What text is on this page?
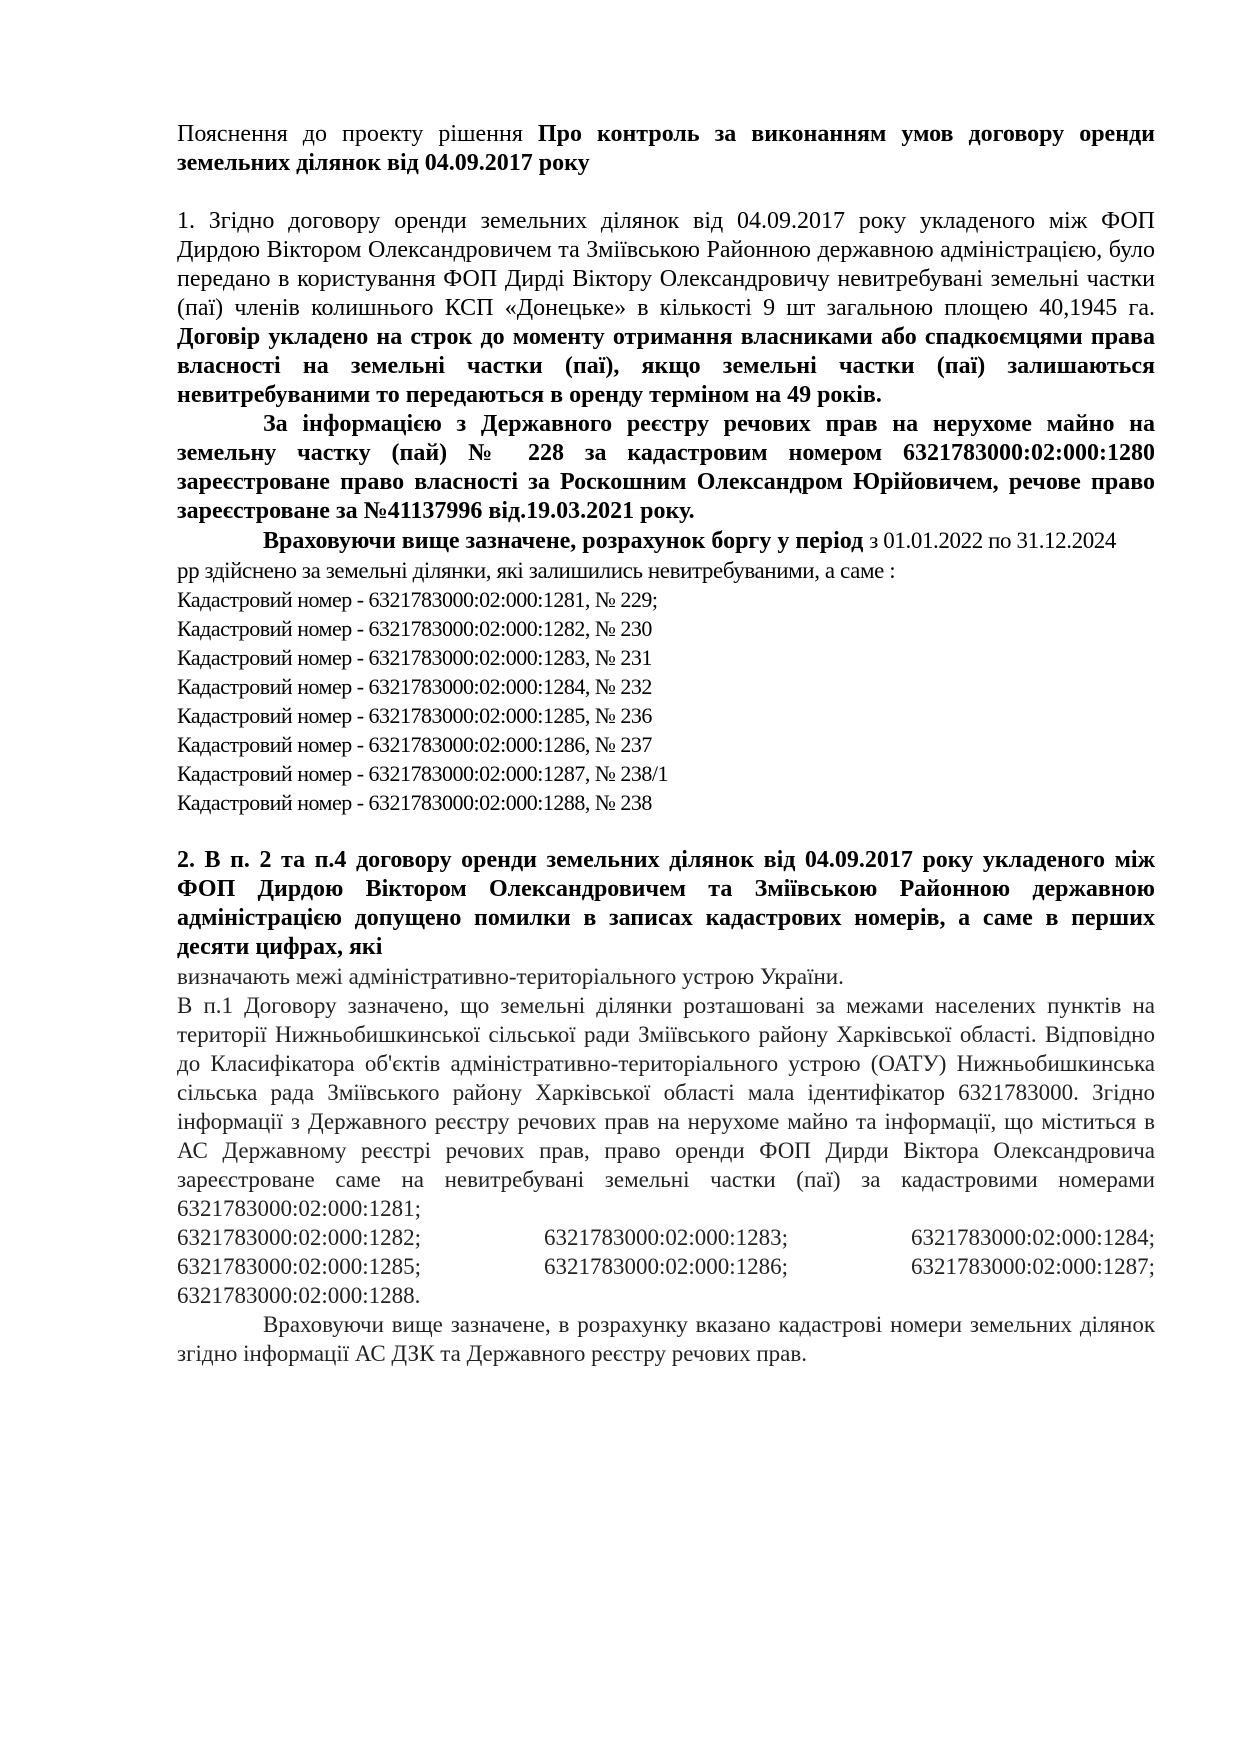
Пояснення до проекту рішення Про контроль за виконанням умов договору оренди земельних ділянок від 04.09.2017 року

1. Згідно договору оренди земельних ділянок від 04.09.2017 року укладеного між ФОП Дирдою Віктором Олександровичем та Зміївською Районною державною адміністрацією, було передано в користування ФОП Дирді Віктору Олександровичу невитребувані земельні частки (паї) членів колишнього КСП «Донецьке» в кількості 9 шт загальною площею 40,1945 га. Договір укладено на строк до моменту отримання власниками або спадкоємцями права власності на земельні частки (паї), якщо земельні частки (паї) залишаються невитребуваними то передаються в оренду терміном на 49 років.

За інформацією з Державного реєстру речових прав на нерухоме майно на земельну частку (пай) № 228 за кадастровим номером 6321783000:02:000:1280 зареєстроване право власності за Роскошним Олександром Юрійовичем, речове право зареєстроване за №41137996 від.19.03.2021 року.

Враховуючи вище зазначене, розрахунок боргу у період з 01.01.2022 по 31.12.2024

рр здійснено за земельні ділянки, які залишились невитребуваними, а саме :

Кадастровий номер - 6321783000:02:000:1281, № 229;
Кадастровий номер - 6321783000:02:000:1282, № 230
Кадастровий номер - 6321783000:02:000:1283, № 231
Кадастровий номер - 6321783000:02:000:1284, № 232
Кадастровий номер - 6321783000:02:000:1285, № 236
Кадастровий номер - 6321783000:02:000:1286, № 237
Кадастровий номер - 6321783000:02:000:1287, № 238/1
Кадастровий номер - 6321783000:02:000:1288, № 238

2. В п. 2 та п.4 договору оренди земельних ділянок від 04.09.2017 року укладеного між ФОП Дирдою Віктором Олександровичем та Зміївською Районною державною адміністрацією допущено помилки в записах кадастрових номерів, а саме в перших десяти цифрах, які

визначають межі адміністративно-територіального устрою України.

В п.1 Договору зазначено, що земельні ділянки розташовані за межами населених пунктів на території Нижньобишкинської сільської ради Зміївського району Харківської області. Відповідно до Класифікатора об'єктів адміністративно-територіального устрою (ОАТУ) Нижньобишкинська сільська рада Зміївського району Харківської області мала ідентифікатор 6321783000. Згідно інформації з Державного реєстру речових прав на нерухоме майно та інформації, що міститься в АС Державному реєстрі речових прав, право оренди ФОП Дирди Віктора Олександровича зареєстроване саме на невитребувані земельні частки (паї) за кадастровими номерами 6321783000:02:000:1281;

6321783000:02:000:1282;	6321783000:02:000:1283;	6321783000:02:000:1284;
6321783000:02:000:1285;	6321783000:02:000:1286;	6321783000:02:000:1287;

6321783000:02:000:1288.

Враховуючи вище зазначене, в розрахунку вказано кадастрові номери земельних ділянок згідно інформації АС ДЗК та Державного реєстру речових прав.
